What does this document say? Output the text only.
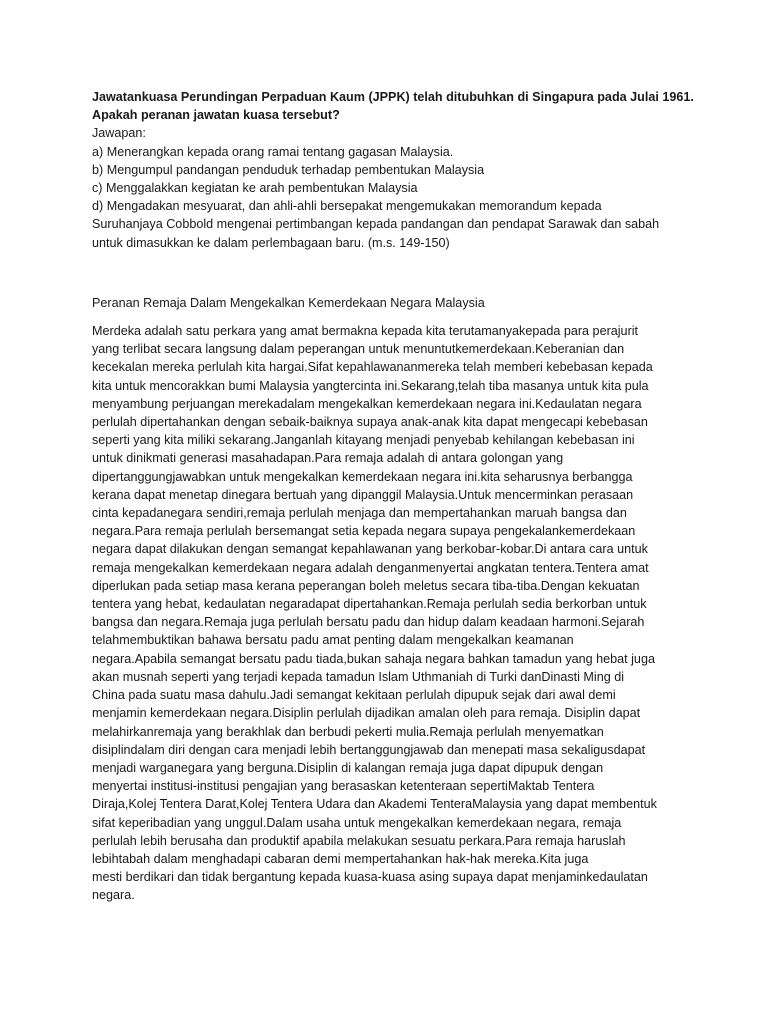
Jawatankuasa Perundingan Perpaduan Kaum (JPPK) telah ditubuhkan di Singapura pada Julai 1961.
Apakah peranan jawatan kuasa tersebut?
Jawapan:
a) Menerangkan kepada orang ramai tentang gagasan Malaysia.
b) Mengumpul pandangan penduduk terhadap pembentukan Malaysia
c) Menggalakkan kegiatan ke arah pembentukan Malaysia
d) Mengadakan mesyuarat, dan ahli-ahli bersepakat mengemukakan memorandum kepada
Suruhanjaya Cobbold mengenai pertimbangan kepada pandangan dan pendapat Sarawak dan sabah
untuk dimasukkan ke dalam perlembagaan baru. (m.s. 149-150)
Peranan Remaja Dalam Mengekalkan Kemerdekaan Negara Malaysia
Merdeka adalah satu perkara yang amat bermakna kepada kita terutamanyakepada para perajurit
yang terlibat secara langsung dalam peperangan untuk menuntutkemerdekaan.Keberanian dan
kecekalan mereka perlulah kita hargai.Sifat kepahlawananmereka telah memberi kebebasan kepada
kita untuk mencorakkan bumi Malaysia yangtercinta ini.Sekarang,telah tiba masanya untuk kita pula
menyambung perjuangan merekadalam mengekalkan kemerdekaan negara ini.Kedaulatan negara
perlulah dipertahankan dengan sebaik-baiknya supaya anak-anak kita dapat mengecapi kebebasan
seperti yang kita miliki sekarang.Janganlah kitayang menjadi penyebab kehilangan kebebasan ini
untuk dinikmati generasi masahadapan.Para remaja adalah di antara golongan yang
dipertanggungjawabkan untuk mengekalkan kemerdekaan negara ini.kita seharusnya berbangga
kerana dapat menetap dinegara bertuah yang dipanggil Malaysia.Untuk mencerminkan perasaan
cinta kepadanegara sendiri,remaja perlulah menjaga dan mempertahankan maruah bangsa dan
negara.Para remaja perlulah bersemangat setia kepada negara supaya pengekalankemerdekaan
negara dapat dilakukan dengan semangat kepahlawanan yang berkobar-kobar.Di antara cara untuk
remaja mengekalkan kemerdekaan negara adalah denganmenyertai angkatan tentera.Tentera amat
diperlukan pada setiap masa kerana peperangan boleh meletus secara tiba-tiba.Dengan kekuatan
tentera yang hebat, kedaulatan negaradapat dipertahankan.Remaja perlulah sedia berkorban untuk
bangsa dan negara.Remaja juga perlulah bersatu padu dan hidup dalam keadaan harmoni.Sejarah
telahmembuktikan bahawa bersatu padu amat penting dalam mengekalkan keamanan
negara.Apabila semangat bersatu padu tiada,bukan sahaja negara bahkan tamadun yang hebat juga
akan musnah seperti yang terjadi kepada tamadun Islam Uthmaniah di Turki danDinasti Ming di
China pada suatu masa dahulu.Jadi semangat kekitaan perlulah dipupuk sejak dari awal demi
menjamin kemerdekaan negara.Disiplin perlulah dijadikan amalan oleh para remaja. Disiplin dapat
melahirkanremaja yang berakhlak dan berbudi pekerti mulia.Remaja perlulah menyematkan
disiplindalam diri dengan cara menjadi lebih bertanggungjawab dan menepati masa sekaligusdapat
menjadi warganegara yang berguna.Disiplin di kalangan remaja juga dapat dipupuk dengan
menyertai institusi-institusi pengajian yang berasaskan ketenteraan sepertiMaktab Tentera
Diraja,Kolej Tentera Darat,Kolej Tentera Udara dan Akademi TenteraMalaysia yang dapat membentuk
sifat keperibadian yang unggul.Dalam usaha untuk mengekalkan kemerdekaan negara, remaja
perlulah lebih berusaha dan produktif apabila melakukan sesuatu perkara.Para remaja haruslah
lebihtabah dalam menghadapi cabaran demi mempertahankan hak-hak mereka.Kita juga
mesti berdikari dan tidak bergantung kepada kuasa-kuasa asing supaya dapat menjaminkedaulatan
negara.
